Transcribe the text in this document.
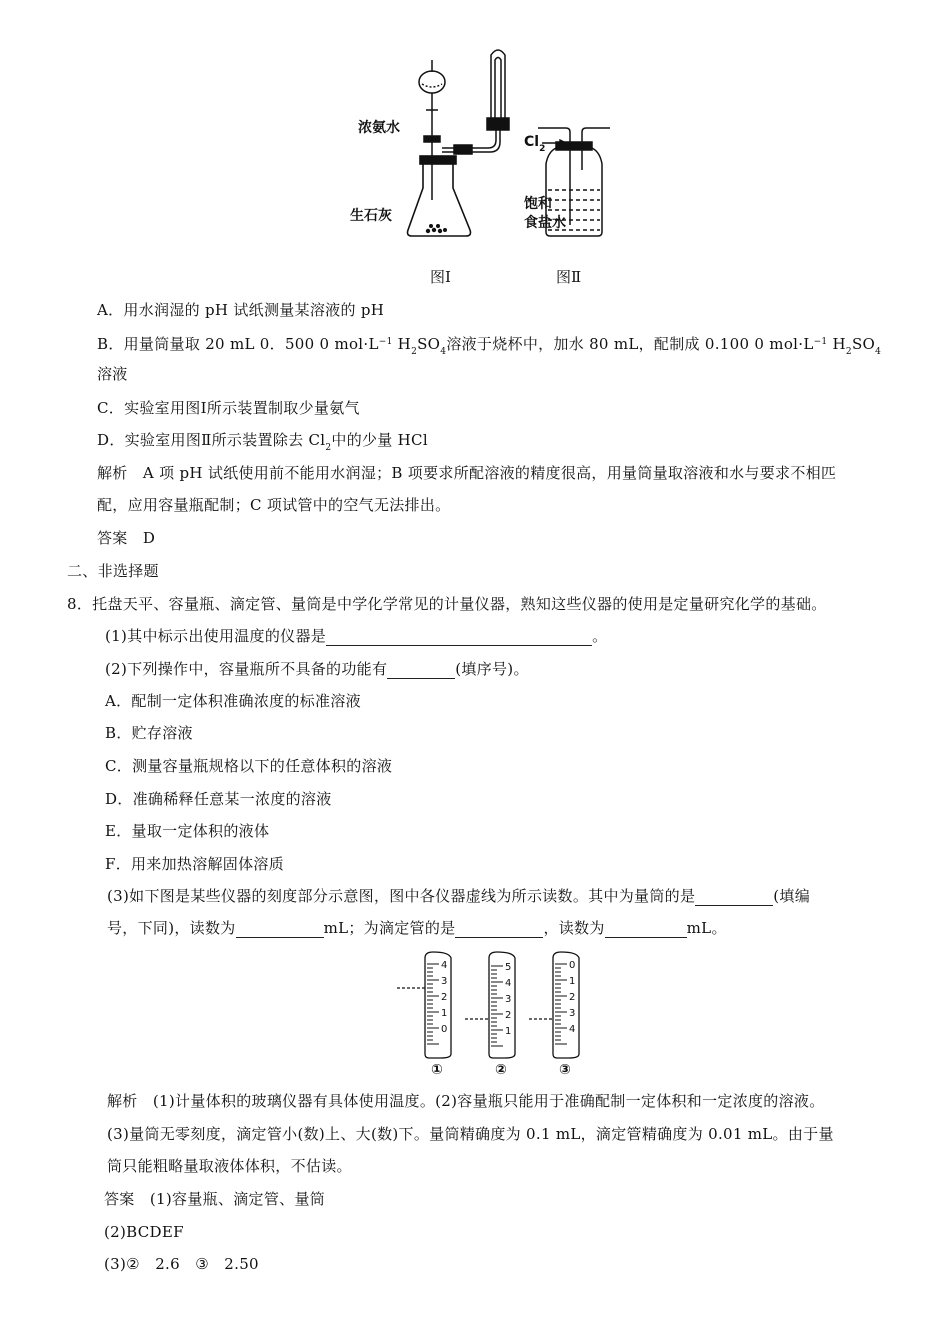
浓氨水
生石灰
$Cl_2$
饱和
食盐水
图Ⅰ	图Ⅱ
A．用水润湿的 pH 试纸测量某溶液的 pH
B．用量筒量取 20 mL 0．500 0 $mol\cdot L^{-1}$ $H_2SO_4$溶液于烧杯中，加水 80 mL，配制成 0.100 0 $mol\cdot L^{-1}$ $H_2SO_4$
溶液
C．实验室用图Ⅰ所示装置制取少量氨气
D．实验室用图Ⅱ所示装置除去 $Cl_2$中的少量 HCl
解析　A 项 pH 试纸使用前不能用水润湿；B 项要求所配溶液的精度很高，用量筒量取溶液和水与要求不相匹
配，应用容量瓶配制；C 项试管中的空气无法排出。
答案　D
二、非选择题
8．托盘天平、容量瓶、滴定管、量筒是中学化学常见的计量仪器，熟知这些仪器的使用是定量研究化学的基础。
(1)其中标示出使用温度的仪器是	。
(2)下列操作中，容量瓶所不具备的功能有	(填序号)。
A．配制一定体积准确浓度的标准溶液
B．贮存溶液
C．测量容量瓶规格以下的任意体积的溶液
D．准确稀释任意某一浓度的溶液
E．量取一定体积的液体
F．用来加热溶解固体溶质
(3)如下图是某些仪器的刻度部分示意图，图中各仪器虚线为所示读数。其中为量筒的是	(填编
号，下同)，读数为	mL；为滴定管的是	，读数为	mL。
4
3
2
1
0
5
4
3
2
1
0
1
2
3
4
①	②	③
解析　(1)计量体积的玻璃仪器有具体使用温度。(2)容量瓶只能用于准确配制一定体积和一定浓度的溶液。
(3)量筒无零刻度，滴定管小(数)上、大(数)下。量筒精确度为 0.1 mL，滴定管精确度为 0.01 mL。由于量
筒只能粗略量取液体体积，不估读。
答案　(1)容量瓶、滴定管、量筒
(2)BCDEF
(3)②　2.6　③　2.50
